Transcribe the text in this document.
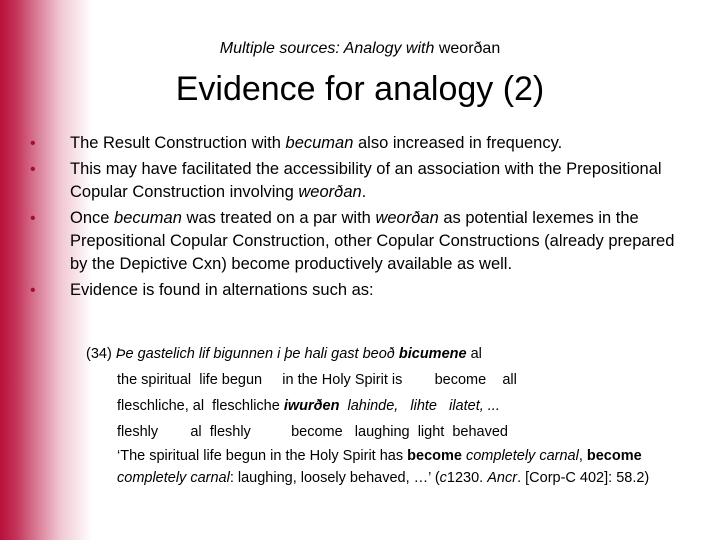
Multiple sources: Analogy with weorðan
Evidence for analogy (2)
• The Result Construction with becuman also increased in frequency.
• This may have facilitated the accessibility of an association with the Prepositional Copular Construction involving weorðan.
• Once becuman was treated on a par with weorðan as potential lexemes in the Prepositional Copular Construction, other Copular Constructions (already prepared by the Depictive Cxn) become productively available as well.
• Evidence is found in alternations such as:
(34) Þe gastelich lif bigunnen i þe hali gast beoð bicumene al
the spiritual life begun in the Holy Spirit is become all
fleschliche, al fleschliche iwurðen lahinde, lihte ilatet, ...
fleshly al fleshly	become laughing light behaved
‘The spiritual life begun in the Holy Spirit has become completely carnal, become completely carnal: laughing, loosely behaved, …’ (c1230. Ancr. [Corp-C 402]: 58.2)
